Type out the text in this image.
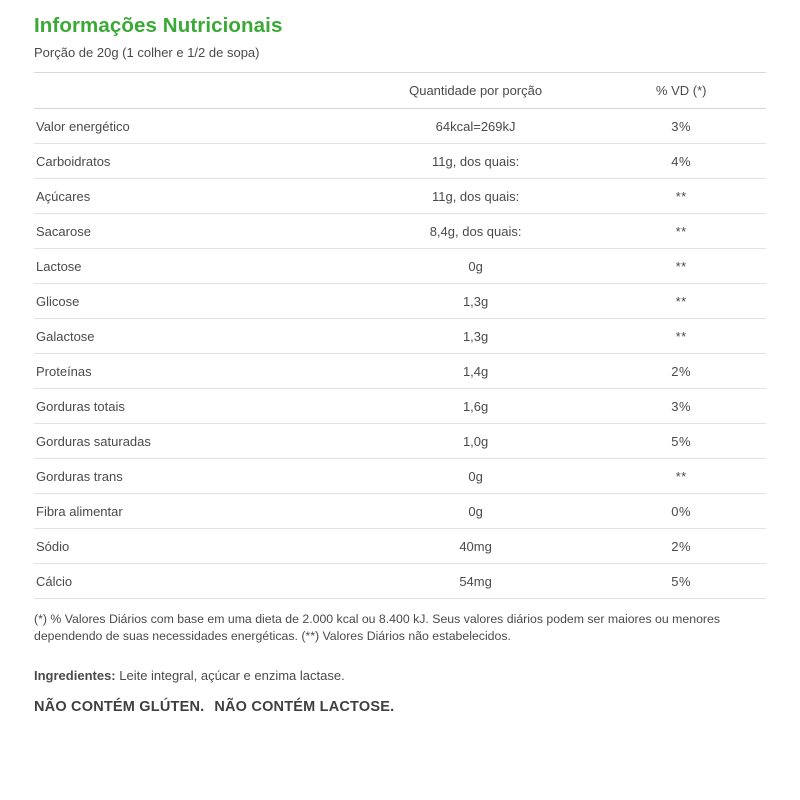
Informações Nutricionais

Porção de 20g (1 colher e 1/2 de sopa)

	Quantidade por porção	% VD (*)
Valor energético	64kcal=269kJ	3%
Carboidratos	11g, dos quais:	4%
Açúcares	11g, dos quais:	**
Sacarose	8,4g, dos quais:	**
Lactose	0g	**
Glicose	1,3g	**
Galactose	1,3g	**
Proteínas	1,4g	2%
Gorduras totais	1,6g	3%
Gorduras saturadas	1,0g	5%
Gorduras trans	0g	**
Fibra alimentar	0g	0%
Sódio	40mg	2%
Cálcio	54mg	5%

(*) % Valores Diários com base em uma dieta de 2.000 kcal ou 8.400 kJ. Seus valores diários podem ser maiores ou menores dependendo de suas necessidades energéticas. (**) Valores Diários não estabelecidos.

Ingredientes: Leite integral, açúcar e enzima lactase.

NÃO CONTÉM GLÚTEN. NÃO CONTÉM LACTOSE.
